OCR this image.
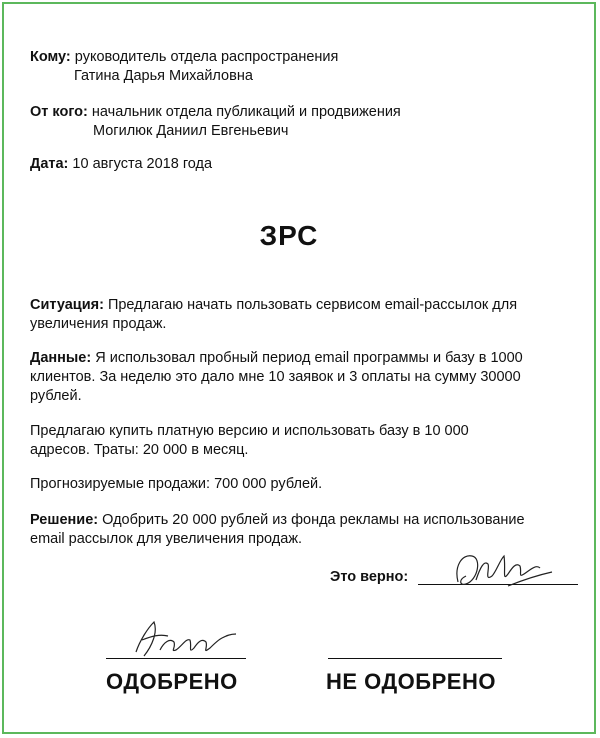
Кому: руководитель отдела распространения
Гатина Дарья Михайловна
От кого: начальник отдела публикаций и продвижения
Могилюк Даниил Евгеньевич
Дата: 10 августа 2018 года
ЗРС
Ситуация: Предлагаю начать пользовать сервисом email-рассылок для
увеличения продаж.
Данные: Я использовал пробный период email программы и базу в 1000
клиентов. За неделю это дало мне 10 заявок и 3 оплаты на сумму 30000
рублей.
Предлагаю купить платную версию и использовать базу в 10 000
адресов. Траты: 20 000 в месяц.
Прогнозируемые продажи: 700 000 рублей.
Решение: Одобрить 20 000 рублей из фонда рекламы на использование
email рассылок для увеличения продаж.
Это верно:
ОДОБРЕНО	НЕ ОДОБРЕНО
